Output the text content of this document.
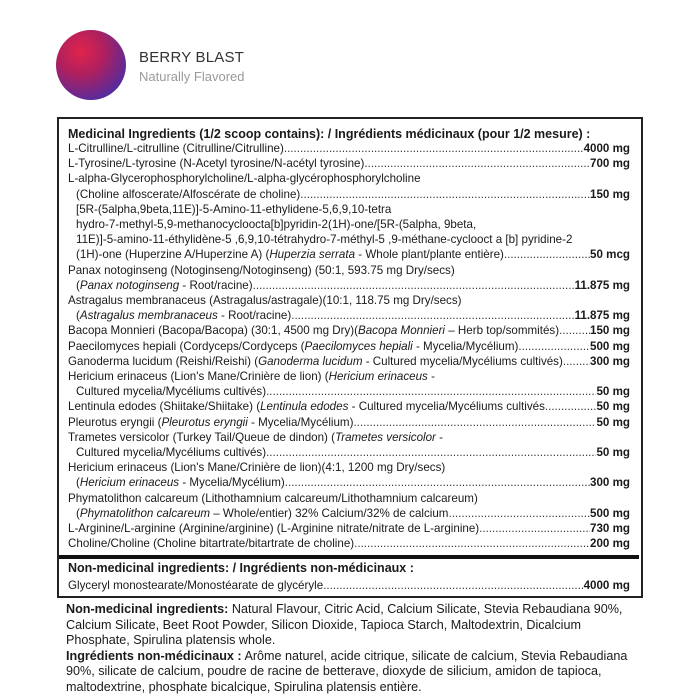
BERRY BLAST
Naturally Flavored
Medicinal Ingredients (1/2 scoop contains): / Ingrédients médicinaux (pour 1/2 mesure) :
L-Citrulline/L-citrulline (Citrulline/Citrulline) .....	4000 mg
L-Tyrosine/L-tyrosine (N-Acetyl tyrosine/N-acétyl tyrosine) .....	700 mg
L-alpha-Glycerophosphorylcholine/L-alpha-glycérophosphorylcholine
(Choline alfoscerate/Alfoscérate de choline) .....	150 mg
[5R-(5alpha,9beta,11E)]-5-Amino-11-ethylidene-5,6,9,10-tetra
hydro-7-methyl-5,9-methanocycloocta[b]pyridin-2(1H)-one/[5R-(5alpha, 9beta,
11E)]-5-amino-11-éthylidène-5 ,6,9,10-tétrahydro-7-méthyl-5 ,9-méthane-cyclooct a [b] pyridine-2
(1H)-one (Huperzine A/Huperzine A) (Huperzia serrata - Whole plant/plante entière) .....	50 mcg
Panax notoginseng (Notoginseng/Notoginseng) (50:1, 593.75 mg Dry/secs)
(Panax notoginseng - Root/racine) .....	11.875 mg
Astragalus membranaceus (Astragalus/astragale)(10:1, 118.75 mg Dry/secs)
(Astragalus membranaceus - Root/racine) .....	11.875 mg
Bacopa Monnieri (Bacopa/Bacopa) (30:1, 4500 mg Dry)(Bacopa Monnieri – Herb top/sommités) .....	150 mg
Paecilomyces hepiali (Cordyceps/Cordyceps (Paecilomyces hepiali - Mycelia/Mycélium) .....	500 mg
Ganoderma lucidum (Reishi/Reishi) (Ganoderma lucidum - Cultured mycelia/Mycéliums cultivés) ..... 300 mg
Hericium erinaceus (Lion's Mane/Crinière de lion) (Hericium erinaceus -
Cultured mycelia/Mycéliums cultivés) .....	50 mg
Lentinula edodes (Shiitake/Shiitake) (Lentinula edodes - Cultured mycelia/Mycéliums cultivés .....	50 mg
Pleurotus eryngii (Pleurotus eryngii - Mycelia/Mycélium) .....	50 mg
Trametes versicolor (Turkey Tail/Queue de dindon) (Trametes versicolor -
Cultured mycelia/Mycéliums cultivés) .....	50 mg
Hericium erinaceus (Lion's Mane/Crinière de lion)(4:1, 1200 mg Dry/secs)
(Hericium erinaceus - Mycelia/Mycélium) .....	300 mg
Phymatolithon calcareum (Lithothamnium calcareum/Lithothamnium calcareum)
(Phymatolithon calcareum – Whole/entier) 32% Calcium/32% de calcium .....	500 mg
L-Arginine/L-arginine (Arginine/arginine) (L-Arginine nitrate/nitrate de L-arginine) .....	730 mg
Choline/Choline (Choline bitartrate/bitartrate de choline) .....	200 mg
Non-medicinal ingredients: / Ingrédients non-médicinaux :
Glyceryl monostearate/Monostéarate de glycéryle .....	4000 mg
Non-medicinal ingredients: Natural Flavour, Citric Acid, Calcium Silicate, Stevia Rebaudiana 90%, Calcium Silicate, Beet Root Powder, Silicon Dioxide, Tapioca Starch, Maltodextrin, Dicalcium Phosphate, Spirulina platensis whole.
Ingrédients non-médicinaux : Arôme naturel, acide citrique, silicate de calcium, Stevia Rebaudiana 90%, silicate de calcium, poudre de racine de betterave, dioxyde de silicium, amidon de tapioca, maltodextrine, phosphate bicalcique, Spirulina platensis entière.
